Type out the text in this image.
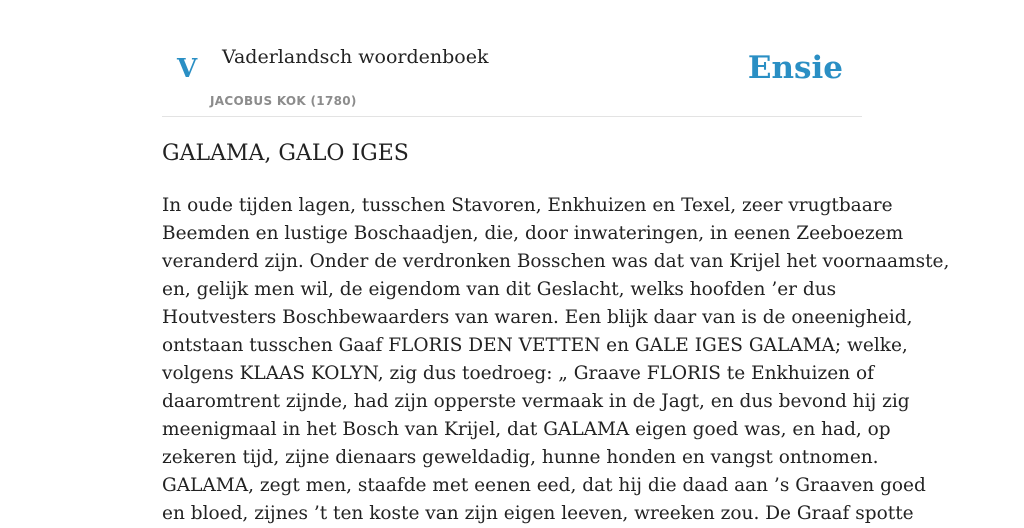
V Vaderlandsch woordenboek
JACOBUS KOK (1780)
Ensie
GALAMA, GALO IGES
In oude tijden lagen, tusschen Stavoren, Enkhuizen en Texel, zeer vrugtbaare
Beemden en lustige Boschaadjen, die, door inwateringen, in eenen Zeeboezem
veranderd zijn. Onder de verdronken Bosschen was dat van Krijel het voornaamste,
en, gelijk men wil, de eigendom van dit Geslacht, welks hoofden ’er dus
Houtvesters Boschbewaarders van waren. Een blijk daar van is de oneenigheid,
ontstaan tusschen Gaaf FLORIS DEN VETTEN en GALE IGES GALAMA; welke,
volgens KLAAS KOLYN, zig dus toedroeg: „ Graave FLORIS te Enkhuizen of
daaromtrent zijnde, had zijn opperste vermaak in de Jagt, en dus bevond hij zig
meenigmaal in het Bosch van Krijel, dat GALAMA eigen goed was, en had, op
zekeren tijd, zijne dienaars geweldadig, hunne honden en vangst ontnomen.
GALAMA, zegt men, staafde met eenen eed, dat hij die daad aan ’s Graaven goed
en bloed, zijnes ’t ten koste van zijn eigen leeven, wreeken zou. De Graaf spotte
